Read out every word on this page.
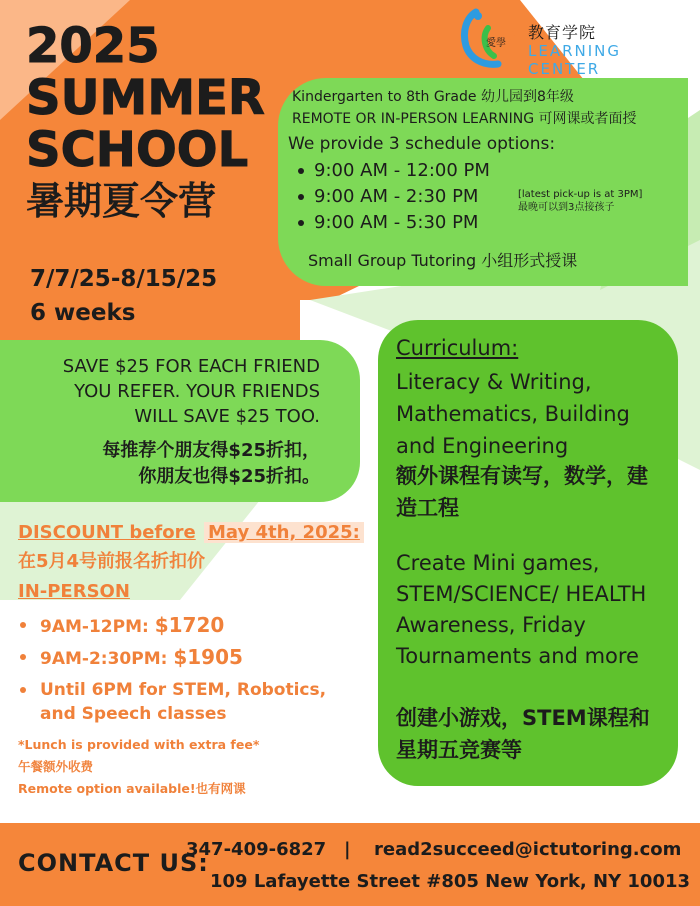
愛學
教育学院
LEARNING CENTER
2025
SUMMER
SCHOOL
暑期夏令营
7/7/25-8/15/25
6 weeks
Kindergarten to 8th Grade 幼儿园到8年级
REMOTE OR IN-PERSON LEARNING 可网课或者面授
We provide 3 schedule options:
9:00 AM - 12:00 PM
9:00 AM - 2:30 PM
9:00 AM - 5:30 PM
[latest pick-up is at 3PM]
最晚可以到3点接孩子
Small Group Tutoring 小组形式授课
SAVE $25 FOR EACH FRIEND
YOU REFER. YOUR FRIENDS
WILL SAVE $25 TOO.
每推荐个朋友得$25折扣，
你朋友也得$25折扣。
Curriculum:
Literacy & Writing, Mathematics, Building and Engineering
额外课程有读写，数学，建造工程
Create Mini games, STEM/SCIENCE/ HEALTH Awareness, Friday Tournaments and more
创建小游戏，STEM课程和星期五竞赛等
DISCOUNT before May 4th, 2025:
在5月4号前报名折扣价
IN-PERSON
9AM-12PM: $1720
9AM-2:30PM: $1905
Until 6PM for STEM, Robotics,
and Speech classes
*Lunch is provided with extra fee*
午餐额外收费
Remote option available!也有网课
CONTACT US:
347-409-6827 | read2succeed@ictutoring.com
109 Lafayette Street #805 New York, NY 10013
